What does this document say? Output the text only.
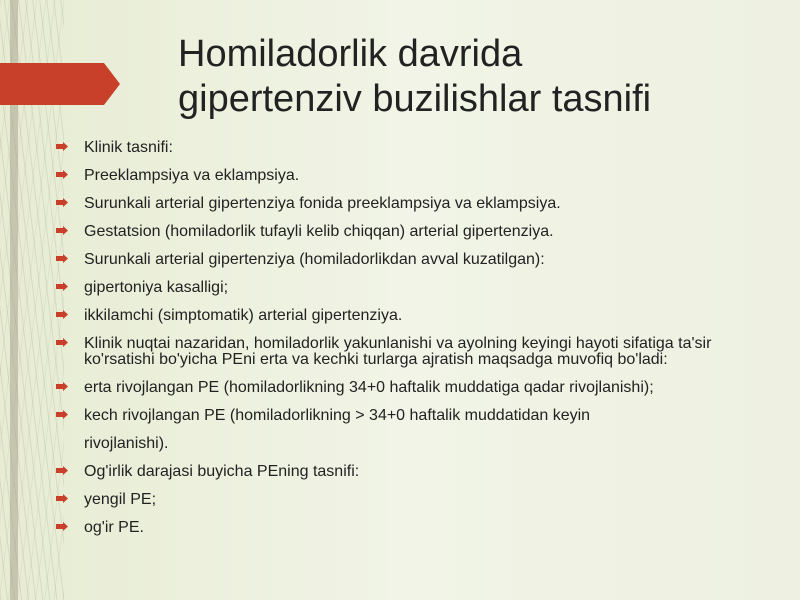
Homiladorlik davrida
gipertenziv buzilishlar tasnifi
Klinik tasnifi:
Preeklampsiya va eklampsiya.
Surunkali arterial gipertenziya fonida preeklampsiya va eklampsiya.
Gestatsion (homiladorlik tufayli kelib chiqqan) arterial gipertenziya.
Surunkali arterial gipertenziya (homiladorlikdan avval kuzatilgan):
gipertoniya kasalligi;
ikkilamchi (simptomatik) arterial gipertenziya.
Klinik nuqtai nazaridan, homiladorlik yakunlanishi va ayolning keyingi hayoti sifatiga ta'sir ko'rsatishi bo'yicha PEni erta va kechki turlarga ajratish maqsadga muvofiq bo'ladi:
erta rivojlangan PE (homiladorlikning 34+0 haftalik muddatiga qadar rivojlanishi);
kech rivojlangan PE (homiladorlikning > 34+0 haftalik muddatidan keyin
rivojlanishi).
Og'irlik darajasi buyicha PEning tasnifi:
yengil PE;
og'ir PE.
